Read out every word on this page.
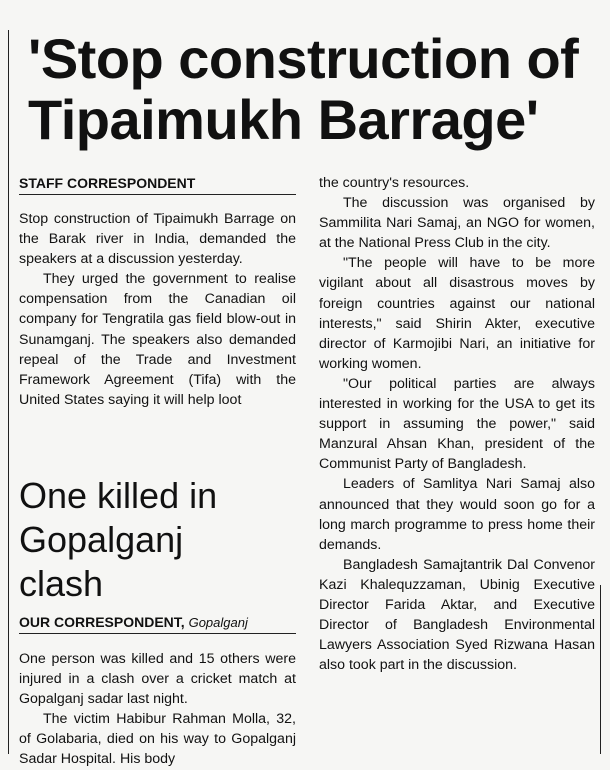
'Stop construction of
Tipaimukh Barrage'
STAFF CORRESPONDENT

Stop construction of Tipaimukh Barrage on the Barak river in India, demanded the speakers at a discussion yesterday.

They urged the government to realise compensation from the Canadian oil company for Tengratila gas field blow-out in Sunamganj. The speakers also demanded repeal of the Trade and Investment Framework Agreement (Tifa) with the United States saying it will help loot

the country's resources.

The discussion was organised by Sammilita Nari Samaj, an NGO for women, at the National Press Club in the city.

"The people will have to be more vigilant about all disastrous moves by foreign countries against our national interests," said Shirin Akter, executive director of Karmojibi Nari, an initiative for working women.

"Our political parties are always interested in working for the USA to get its support in assuming the power," said Manzural Ahsan Khan, president of the Communist Party of Bangladesh.

Leaders of Samlitya Nari Samaj also announced that they would soon go for a long march programme to press home their demands.

Bangladesh Samajtantrik Dal Convenor Kazi Khalequzzaman, Ubinig Executive Director Farida Aktar, and Executive Director of Bangladesh Environmental Lawyers Association Syed Rizwana Hasan also took part in the discussion.

One killed in
Gopalganj
clash
OUR CORRESPONDENT, Gopalganj

One person was killed and 15 others were injured in a clash over a cricket match at Gopalganj sadar last night.

The victim Habibur Rahman Molla, 32, of Golabaria, died on his way to Gopalganj Sadar Hospital. His body
